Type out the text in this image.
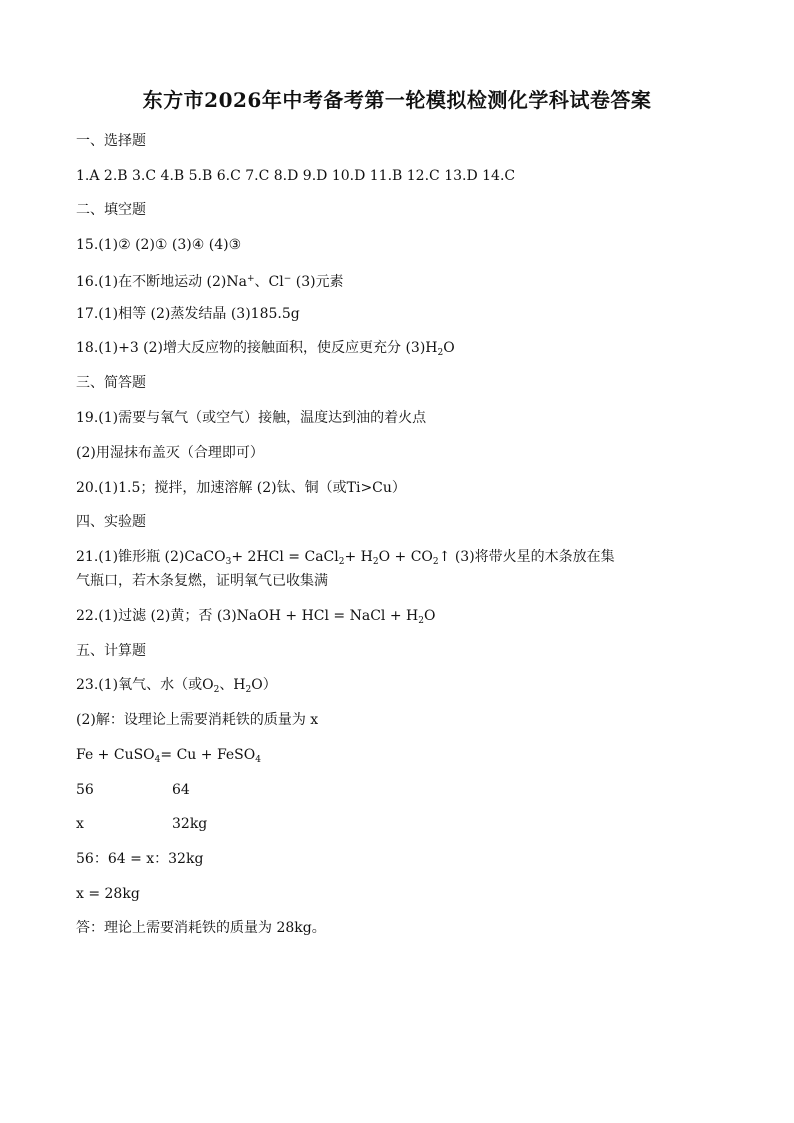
东方市2026年中考备考第一轮模拟检测化学科试卷答案
一、选择题
1.A 2.B 3.C 4.B 5.B 6.C 7.C 8.D 9.D 10.D 11.B 12.C 13.D 14.C
二、填空题
15.(1)② (2)① (3)④ (4)③
16.(1)在不断地运动 (2)Na+、Cl− (3)元素
17.(1)相等 (2)蒸发结晶 (3)185.5g
18.(1)+3 (2)增大反应物的接触面积，使反应更充分 $(3)H_2O$
三、简答题
19.(1)需要与氧气（或空气）接触，温度达到油的着火点
(2)用湿抹布盖灭（合理即可）
20.(1)1.5；搅拌，加速溶解 (2)钛、铜（或Ti>Cu）
四、实验题
21.(1)锥形瓶 (2)CaCO$_3$+ 2HCl = CaCl$_2$+ $H_2O$ + $CO_2↑$ (3)将带火星的木条放在集
气瓶口，若木条复燃，证明氧气已收集满
22.(1)过滤 (2)黄；否 (3)NaOH + HCl = NaCl + $H_2O$
五、计算题
23.(1)氧气、水（或$O_2$、$H_2O$）
(2)解：设理论上需要消耗铁的质量为 x
Fe + CuSO$_4$= Cu + FeSO$_4$
56	64
x	32kg
56：64 = x：32kg
x = 28kg
答：理论上需要消耗铁的质量为 28kg。
